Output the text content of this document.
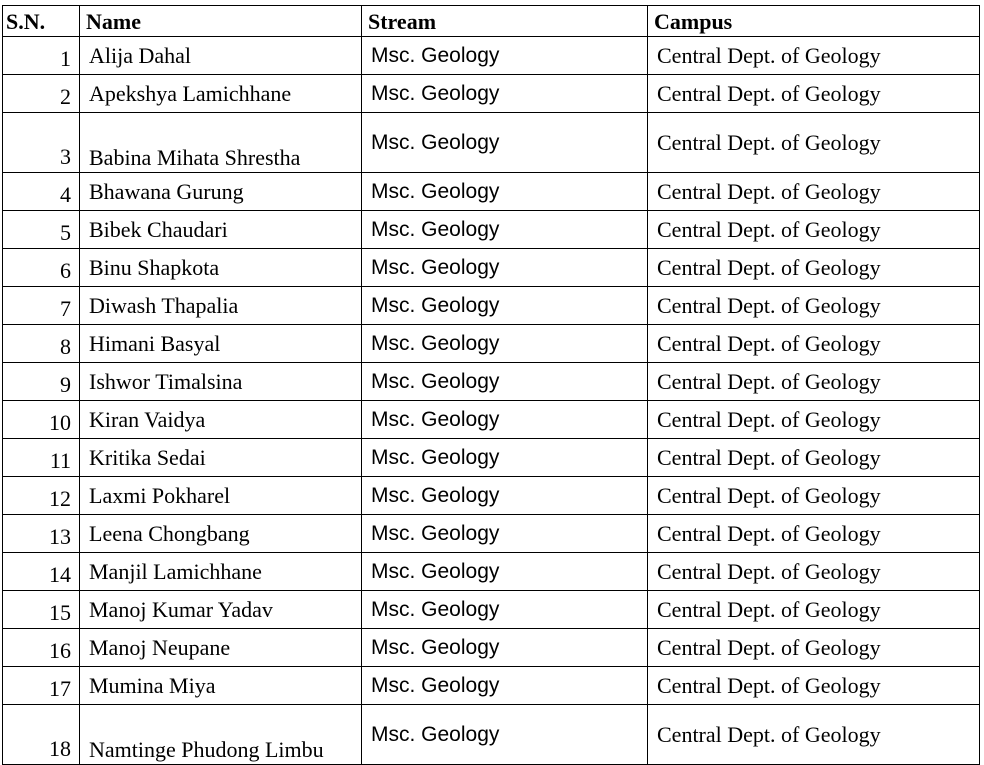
S.N.	Name	Stream	Campus
1	Alija Dahal	Msc. Geology	Central Dept. of Geology
2	Apekshya Lamichhane	Msc. Geology	Central Dept. of Geology
3	Babina Mihata Shrestha	Msc. Geology	Central Dept. of Geology
4	Bhawana Gurung	Msc. Geology	Central Dept. of Geology
5	Bibek Chaudari	Msc. Geology	Central Dept. of Geology
6	Binu Shapkota	Msc. Geology	Central Dept. of Geology
7	Diwash Thapalia	Msc. Geology	Central Dept. of Geology
8	Himani Basyal	Msc. Geology	Central Dept. of Geology
9	Ishwor Timalsina	Msc. Geology	Central Dept. of Geology
10	Kiran Vaidya	Msc. Geology	Central Dept. of Geology
11	Kritika Sedai	Msc. Geology	Central Dept. of Geology
12	Laxmi Pokharel	Msc. Geology	Central Dept. of Geology
13	Leena Chongbang	Msc. Geology	Central Dept. of Geology
14	Manjil Lamichhane	Msc. Geology	Central Dept. of Geology
15	Manoj Kumar Yadav	Msc. Geology	Central Dept. of Geology
16	Manoj Neupane	Msc. Geology	Central Dept. of Geology
17	Mumina Miya	Msc. Geology	Central Dept. of Geology
18	Namtinge Phudong Limbu	Msc. Geology	Central Dept. of Geology
